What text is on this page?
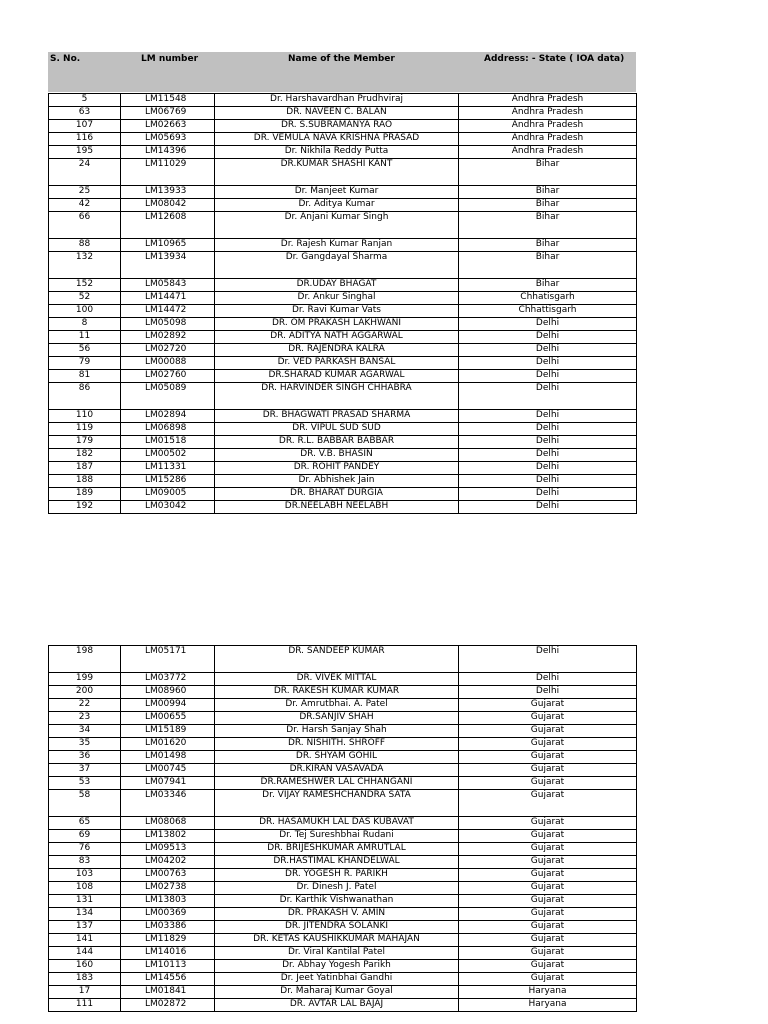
S. No.	LM number	Name of the Member	Address: - State ( IOA data)
5	LM11548	Dr. Harshavardhan Prudhviraj	Andhra Pradesh
63	LM06769	DR. NAVEEN C. BALAN	Andhra Pradesh
107	LM02663	DR. S.SUBRAMANYA RAO	Andhra Pradesh
116	LM05693	DR. VEMULA NAVA KRISHNA PRASAD	Andhra Pradesh
195	LM14396	Dr. Nikhila Reddy Putta	Andhra Pradesh
24	LM11029	DR.KUMAR SHASHI KANT	Bihar
25	LM13933	Dr. Manjeet Kumar	Bihar
42	LM08042	Dr. Aditya Kumar	Bihar
66	LM12608	Dr. Anjani Kumar Singh	Bihar
88	LM10965	Dr. Rajesh Kumar Ranjan	Bihar
132	LM13934	Dr. Gangdayal Sharma	Bihar
152	LM05843	DR.UDAY BHAGAT	Bihar
52	LM14471	Dr. Ankur Singhal	Chhatisgarh
100	LM14472	Dr. Ravi Kumar Vats	Chhattisgarh
8	LM05098	DR. OM PRAKASH LAKHWANI	Delhi
11	LM02892	DR. ADITYA NATH AGGARWAL	Delhi
56	LM02720	DR. RAJENDRA KALRA	Delhi
79	LM00088	Dr. VED PARKASH BANSAL	Delhi
81	LM02760	DR.SHARAD KUMAR AGARWAL	Delhi
86	LM05089	DR. HARVINDER SINGH CHHABRA	Delhi
110	LM02894	DR. BHAGWATI PRASAD SHARMA	Delhi
119	LM06898	DR. VIPUL SUD SUD	Delhi
179	LM01518	DR. R.L. BABBAR BABBAR	Delhi
182	LM00502	DR. V.B. BHASIN	Delhi
187	LM11331	DR. ROHIT PANDEY	Delhi
188	LM15286	Dr. Abhishek Jain	Delhi
189	LM09005	DR. BHARAT DURGIA	Delhi
192	LM03042	DR.NEELABH NEELABH	Delhi
198	LM05171	DR. SANDEEP KUMAR	Delhi
199	LM03772	DR. VIVEK MITTAL	Delhi
200	LM08960	DR. RAKESH KUMAR KUMAR	Delhi
22	LM00994	Dr. Amrutbhai. A. Patel	Gujarat
23	LM00655	DR.SANJIV SHAH	Gujarat
34	LM15189	Dr. Harsh Sanjay Shah	Gujarat
35	LM01620	DR. NISHITH. SHROFF	Gujarat
36	LM01498	DR. SHYAM GOHIL	Gujarat
37	LM00745	DR.KIRAN VASAVADA	Gujarat
53	LM07941	DR.RAMESHWER LAL CHHANGANI	Gujarat
58	LM03346	Dr. VIJAY RAMESHCHANDRA SATA	Gujarat
65	LM08068	DR. HASAMUKH LAL DAS KUBAVAT	Gujarat
69	LM13802	Dr. Tej Sureshbhai Rudani	Gujarat
76	LM09513	DR. BRIJESHKUMAR AMRUTLAL	Gujarat
83	LM04202	DR.HASTIMAL KHANDELWAL	Gujarat
103	LM00763	DR. YOGESH R. PARIKH	Gujarat
108	LM02738	Dr. Dinesh J. Patel	Gujarat
131	LM13803	Dr. Karthik Vishwanathan	Gujarat
134	LM00369	DR. PRAKASH V. AMIN	Gujarat
137	LM03386	DR. JITENDRA SOLANKI	Gujarat
141	LM11829	DR. KETAS KAUSHIKKUMAR MAHAJAN	Gujarat
144	LM14016	Dr. Viral Kantilal Patel	Gujarat
160	LM10113	Dr. Abhay Yogesh Parikh	Gujarat
183	LM14556	Dr. Jeet Yatinbhai Gandhi	Gujarat
17	LM01841	Dr. Maharaj Kumar Goyal	Haryana
111	LM02872	DR. AVTAR LAL BAJAJ	Haryana
